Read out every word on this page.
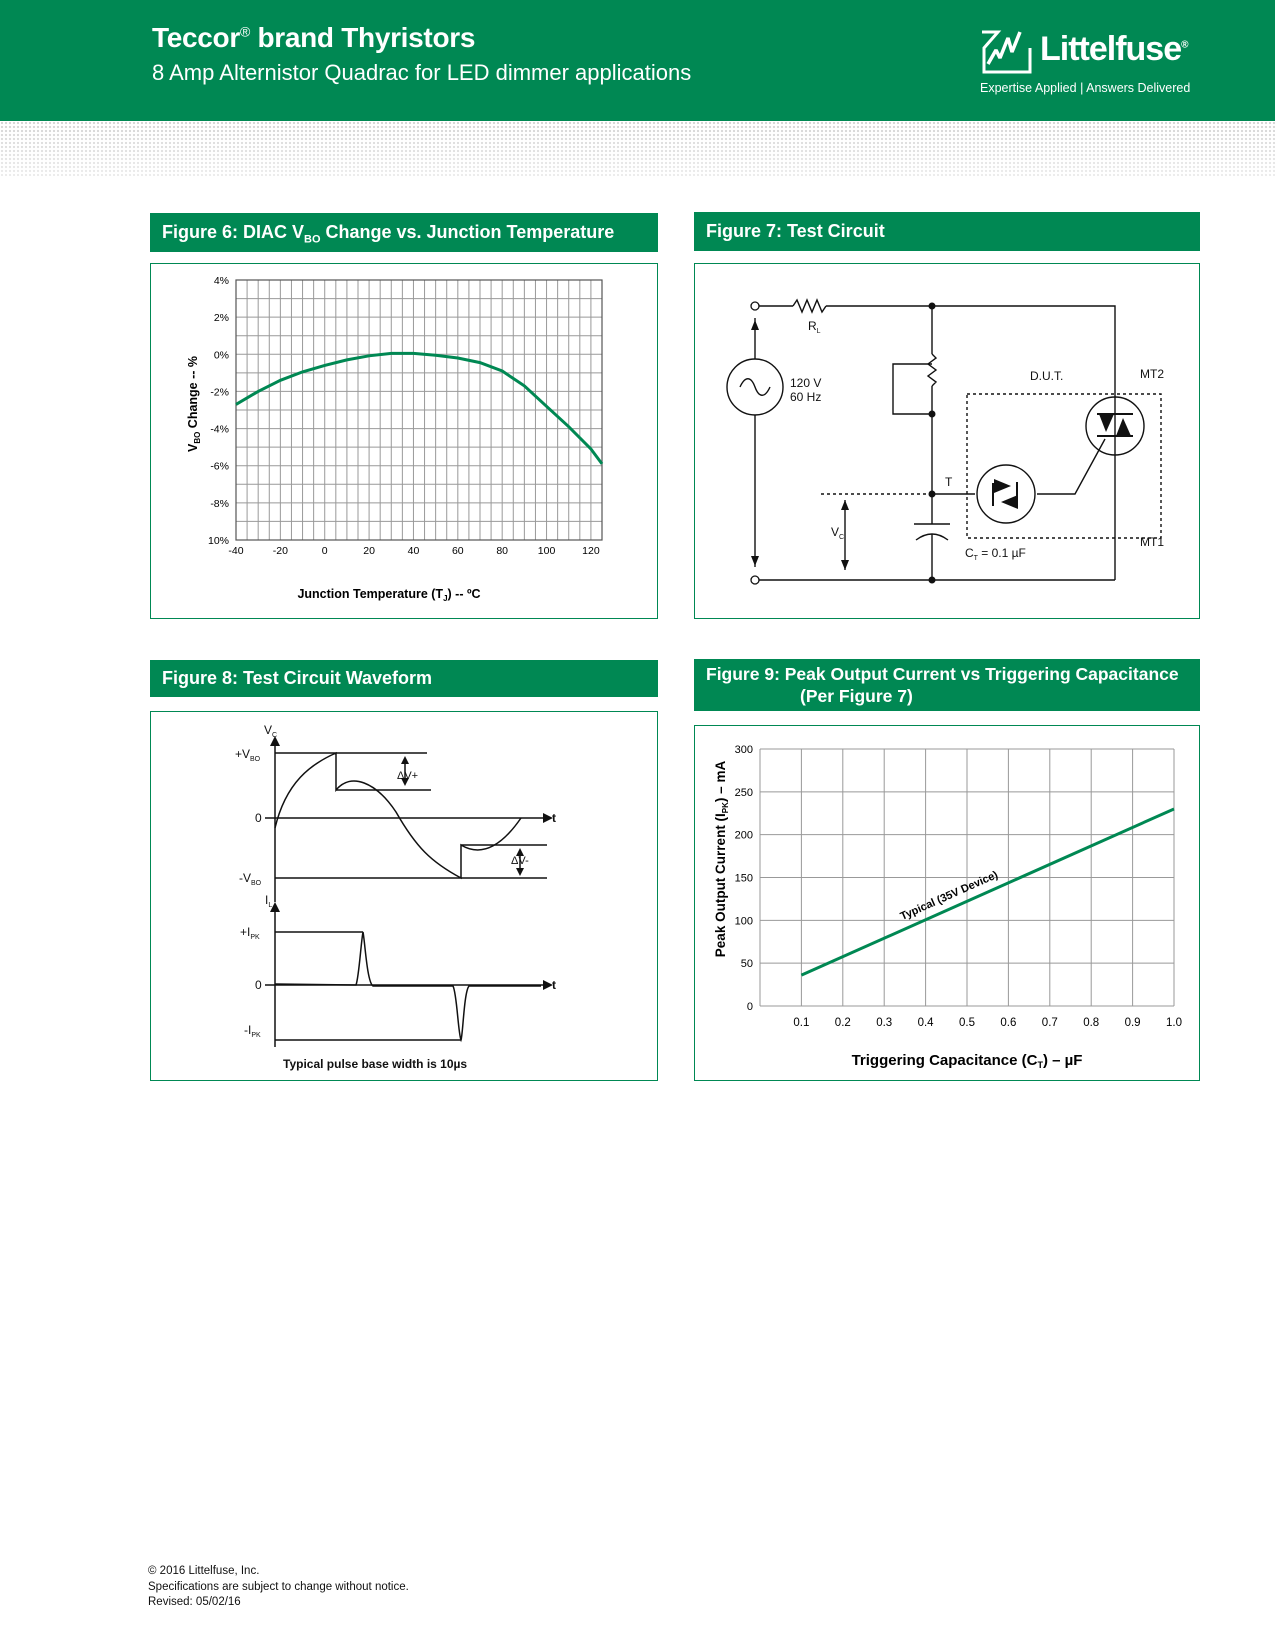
Teccor® brand Thyristors
8 Amp Alternistor Quadrac for LED dimmer applications
Littelfuse®
Expertise Applied | Answers Delivered
Figure 6: DIAC $V_{BO}$ Change vs. Junction Temperature
-40	-20	0	20	40	60	80	100	120
4%
2%
0%
-2%
-4%
-6%
-8%
10%
Junction Temperature $(T_J)$ -- ºC
$V_{BO}$ Change -- %
Figure 7: Test Circuit
$R_L$
120 V
60 Hz
D.U.T.	MT2
MT1
T
$V_C$
$C_T = 0.1$ µF
Figure 8: Test Circuit Waveform
$V_C$
$+V_{BO}$
0
$-V_{BO}$
ΔV+
ΔV-
t
$I_L$
$+I_{PK}$
0
$-I_{PK}$
t
Typical pulse base width is 10µs
Figure 9: Peak Output Current vs Triggering Capacitance
(Per Figure 7)
0.1 0.2 0.3 0.4 0.5 0.6 0.7 0.8 0.9 1.0
300
250
200
150
100
50
0
Typical (35V Device)
Triggering Capacitance $(C_T)$ – µF
Peak Output Current $(I_{PK})$ – mA
© 2016 Littelfuse, Inc.
Specifications are subject to change without notice.
Revised: 05/02/16
